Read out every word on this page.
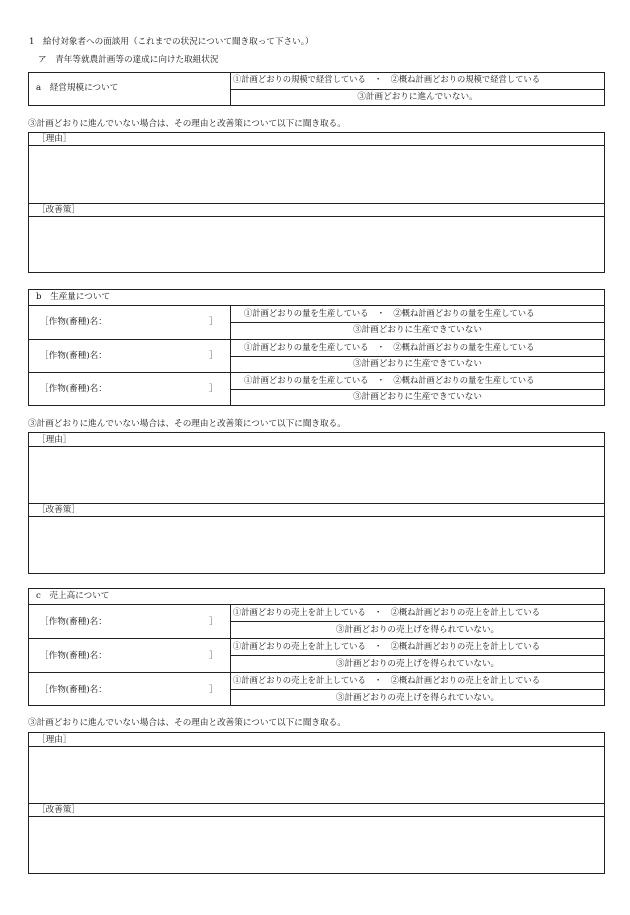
1　給付対象者への面談用（これまでの状況について聞き取って下さい。）
ア　青年等就農計画等の達成に向けた取組状況
a　経営規模について
①計画どおりの規模で経営している　・　②概ね計画どおりの規模で経営している
③計画どおりに進んでいない。
③計画どおりに進んでいない場合は、その理由と改善策について以下に聞き取る。
［理由］
［改善策］
b　生産量について
［作物(畜種)名：	］
①計画どおりの量を生産している　・　②概ね計画どおりの量を生産している
③計画どおりに生産できていない
［作物(畜種)名：	］
①計画どおりの量を生産している　・　②概ね計画どおりの量を生産している
③計画どおりに生産できていない
［作物(畜種)名：	］
①計画どおりの量を生産している　・　②概ね計画どおりの量を生産している
③計画どおりに生産できていない
③計画どおりに進んでいない場合は、その理由と改善策について以下に聞き取る。
［理由］
［改善策］
c　売上高について
［作物(畜種)名：	］
①計画どおりの売上を計上している　・　②概ね計画どおりの売上を計上している
③計画どおりの売上げを得られていない。
［作物(畜種)名：	］
①計画どおりの売上を計上している　・　②概ね計画どおりの売上を計上している
③計画どおりの売上げを得られていない。
［作物(畜種)名：	］
①計画どおりの売上を計上している　・　②概ね計画どおりの売上を計上している
③計画どおりの売上げを得られていない。
③計画どおりに進んでいない場合は、その理由と改善策について以下に聞き取る。
［理由］
［改善策］
